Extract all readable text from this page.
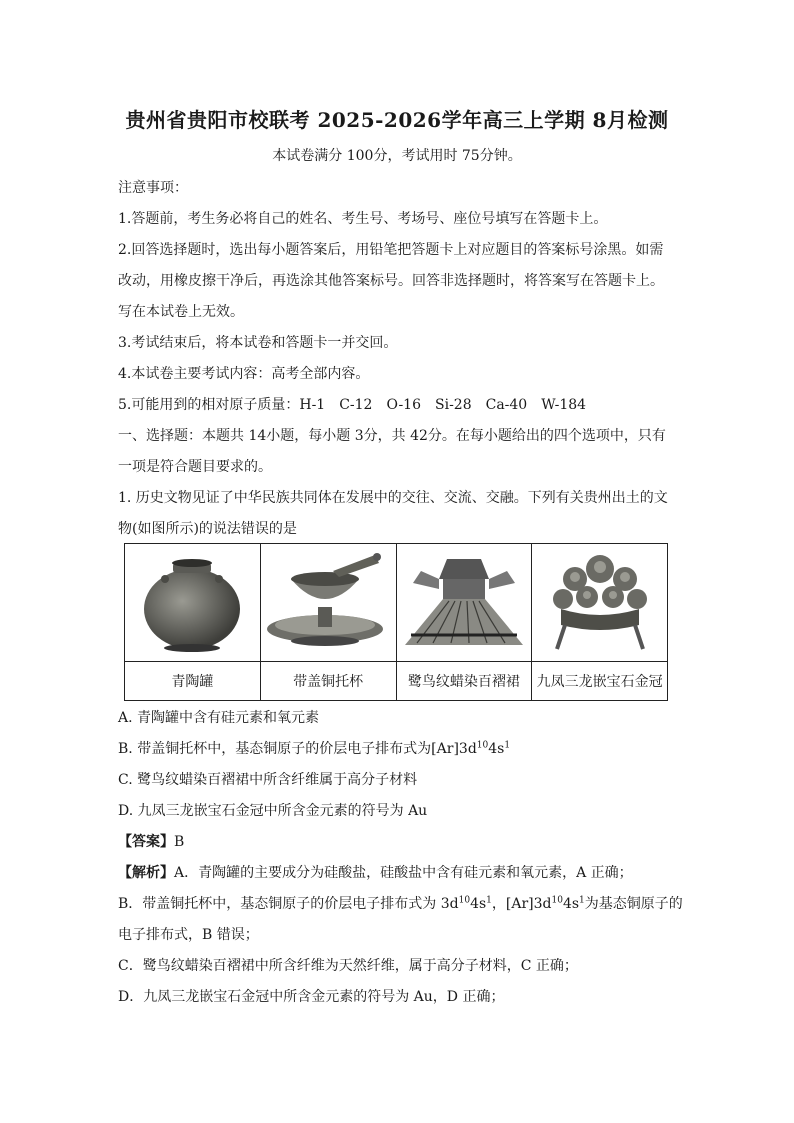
贵州省贵阳市校联考 2025-2026学年高三上学期 8月检测
本试卷满分 100分，考试用时 75分钟。
注意事项：
1.答题前，考生务必将自己的姓名、考生号、考场号、座位号填写在答题卡上。
2.回答选择题时，选出每小题答案后，用铅笔把答题卡上对应题目的答案标号涂黑。如需
改动，用橡皮擦干净后，再选涂其他答案标号。回答非选择题时，将答案写在答题卡上。
写在本试卷上无效。
3.考试结束后，将本试卷和答题卡一并交回。
4.本试卷主要考试内容：高考全部内容。
5.可能用到的相对原子质量：H-1　C-12　O-16　Si-28　Ca-40　W-184
一、选择题：本题共 14小题，每小题 3分，共 42分。在每小题给出的四个选项中，只有
一项是符合题目要求的。
1. 历史文物见证了中华民族共同体在发展中的交往、交流、交融。下列有关贵州出土的文
物(如图所示)的说法错误的是

青陶罐	带盖铜托杯	鹭鸟纹蜡染百褶裙	九凤三龙嵌宝石金冠
A. 青陶罐中含有硅元素和氧元素
B. 带盖铜托杯中，基态铜原子的价层电子排布式为$[Ar]3d^{10}4s^1$
C. 鹭鸟纹蜡染百褶裙中所含纤维属于高分子材料
D. 九凤三龙嵌宝石金冠中所含金元素的符号为 Au
【答案】B
【解析】A．青陶罐的主要成分为硅酸盐，硅酸盐中含有硅元素和氧元素，A 正确；
B．带盖铜托杯中，基态铜原子的价层电子排布式为 $3d^{10}4s^1$，$[Ar]3d^{10}4s^1$为基态铜原子的
电子排布式，B 错误；
C．鹭鸟纹蜡染百褶裙中所含纤维为天然纤维，属于高分子材料，C 正确；
D．九凤三龙嵌宝石金冠中所含金元素的符号为 Au，D 正确；
